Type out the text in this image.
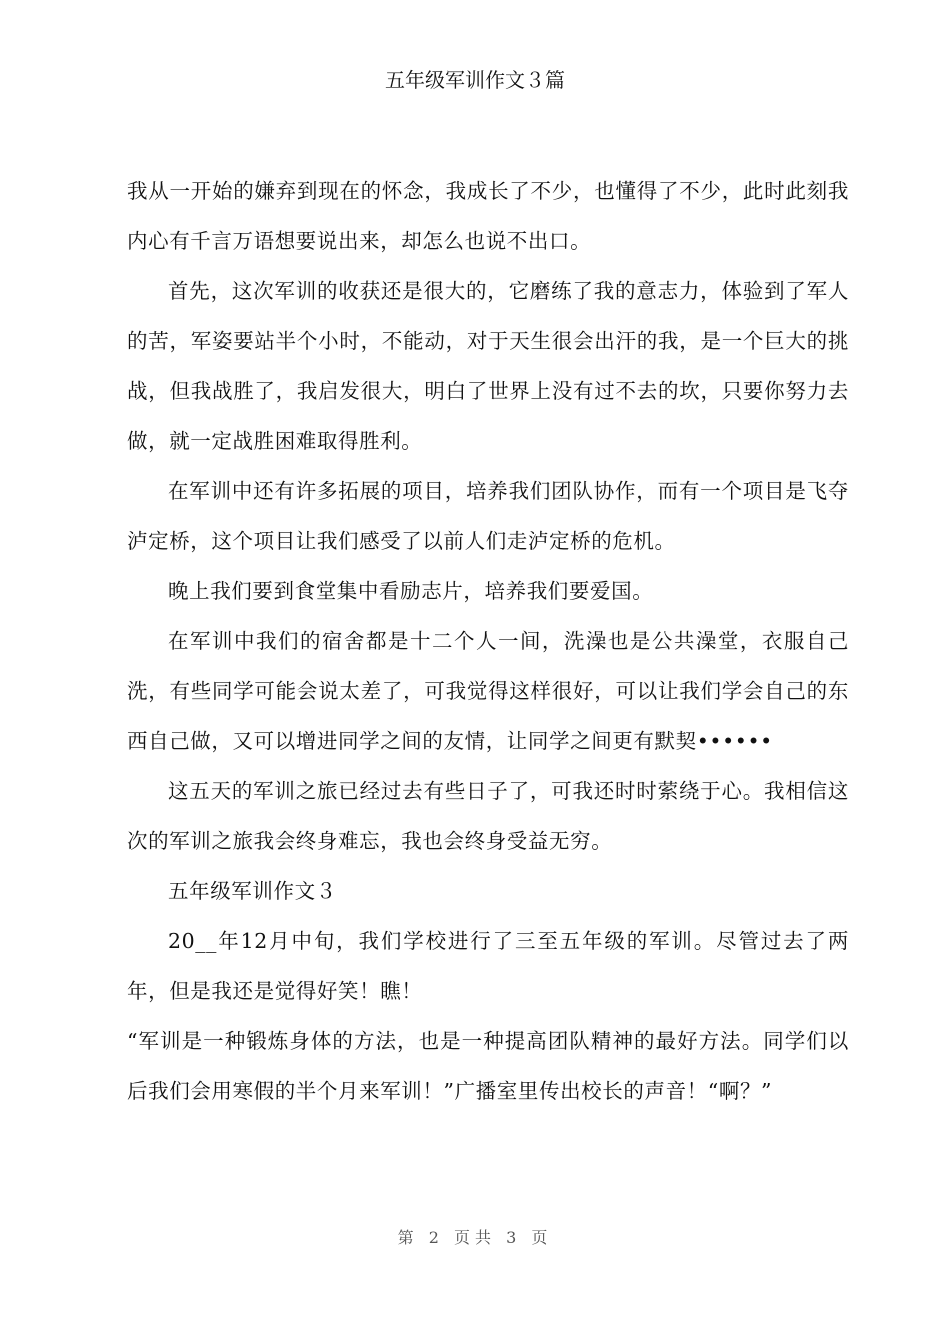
五年级军训作文３篇

我从一开始的嫌弃到现在的怀念，我成长了不少，也懂得了不少，此时此刻我内心有千言万语想要说出来，却怎么也说不出口。

首先，这次军训的收获还是很大的，它磨练了我的意志力，体验到了军人的苦，军姿要站半个小时，不能动，对于天生很会出汗的我，是一个巨大的挑战，但我战胜了，我启发很大，明白了世界上没有过不去的坎，只要你努力去做，就一定战胜困难取得胜利。

在军训中还有许多拓展的项目，培养我们团队协作，而有一个项目是飞夺泸定桥，这个项目让我们感受了以前人们走泸定桥的危机。

晚上我们要到食堂集中看励志片，培养我们要爱国。

在军训中我们的宿舍都是十二个人一间，洗澡也是公共澡堂，衣服自己洗，有些同学可能会说太差了，可我觉得这样很好，可以让我们学会自己的东西自己做，又可以增进同学之间的友情，让同学之间更有默契••••••

这五天的军训之旅已经过去有些日子了，可我还时时萦绕于心。我相信这次的军训之旅我会终身难忘，我也会终身受益无穷。

五年级军训作文３

20__年12月中旬，我们学校进行了三至五年级的军训。尽管过去了两年，但是我还是觉得好笑！瞧！

“军训是一种锻炼身体的方法，也是一种提高团队精神的最好方法。同学们以后我们会用寒假的半个月来军训！”广播室里传出校长的声音！“啊？”

第 2 页共 3 页
